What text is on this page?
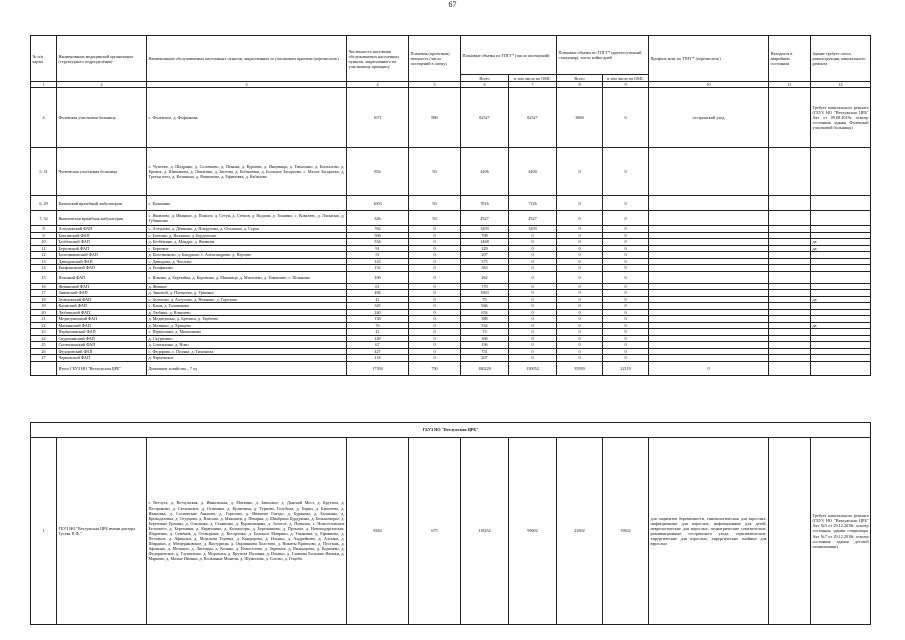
67
№ п/п карты	Наименование медицинской организации (структурного подразделения)	Наименование обслуживаемых населенных пунктов, закрепленных за участковым приемом (перечислить)	Численность населения обслуживаемых населенных пунктов, закрепленного по участковому принципу	Плановая (проектная) мощность (число посещений в смену)	Плановые объемы по ТПГГ* (число посещений)		Плановые объемы по ТПГГ* (круглосуточный стационар), число койко-дней		Профиль коек по ТПГГ* (перечислить)	Находится в аварийном состоянии	Здание требует сноса, реконструкции, капитального ремонта
					Всего	в том числе по ОМС	Всего	в том числе по ОМС			
1	2	3	4	5	6	7	8	9	10	11	12
4	Фалевская участковая больница	с. Фалевское, д. Фофанкова	1671	880	82527	82527	3860	0	сестринский уход		Требует капитального ремонта (ГБУЗ НО "Ветлужская ЦРБ" Акт от 09.08.2019г. осмотр состояния здания Фалевской участковой больницы)
5, 31	Чупеевская участковая больница	с. Чупеево, д. Шадрино, д. Соловьево, д. Пеньки, д. Куриево, д. Инцивица, д. Тимохино, д. Бызгалово, д. Кривое, д. Шишакова, д. Лопатино, д. Засеева, д. Бобылёвка, д. Большое Засорьево, с. Малое Засорьево, д. Третьи пчел, д. Козинино, д. Вавилково, д. Ефимовка, д. Кабаново	854	50	4206	4200	0	0			
6, 29	Калинский врачебный амбулатории	с. Калинино	1003	50	7816	7126	0	0			
7, 32	Яковлевская врачебная амбулатория	с. Яковлево, д. Иванино, д. Пожоги, д. Сетун, д. Стенов, д. Видичи, д. Тоннино, с. Ковалевс, д. Ласкаино, д. Губинкино	326	50	4327	4327	0	0			
8	Алтуновский ФАП	с. Алтуново, д. Дёмкино, д. Покрутино, д. Оголкино, д. Сурок	762	0	3293	3293	0	0			
9	Бахтинский ФАП	с. Бахтино, д. Волжино, д. Бердогонье	506	0	708	0	0	0			
10	Безбёжский ФАП	д. Безбёжино, д. Мандре, д. Якимова	534	0	1468	0	0	0			да
11	Берговский ФАП	с. Берговое	91	0	229	0	0	0			да
12	Болотниковский ФАП	д. Болотниково, д. Бакурино, с. Александрово, д. Пертово	51	0	207	0	0	0			
13	Давыдовский ФАП	с. Давыдово, д. Чеплово	143	0	575	0	0	0			
14	Епифановский ФАП	д. Епифаново	152	0	363	0	0	0			
15	Ильиный ФАП	с. Ильино, д. Березайка, д. Коровино, д. Мякшица, д. Михалево, д. Тимашево, с. Шлыкино	106	0	262	0	0	0			
16	Жевинский ФАП	д. Жевино	61	0	170	0	0	0			
17	Зиновский ФАП	д. Зиновой, д. Плещеево, д. Урминье	484	0	1863	0	0	0			
18	Зелёновский ФАП	с. Зеленово, д. Алтухово, д. Вежново, д. Горелово	41	0	79	0	0	0			да
19	Климский ФАП	с. Клим, д. Голованово	345	0	946	0	0	0			
20	Любимский ФАП	д. Любино, д. Ялышево	240	0	654	0	0	0			
21	Медведчинский ФАП	д. Медведчино, д. Бречиха, д. Тарбеево	138	0	388	0	0	0			
22	Матвинский ФАП	д. Матвино, д. Хрящево	76	0	332	0	0	0			да
23	Первушинский ФАП	с. Первушино, д. Мокшиново	41	0	73	0	0	0			
24	Скурихинский ФАП	д. Скурихино	149	0	366	0	0	0			
25	Спотыхинский ФАП	д. Спотыхино, д. Ново	67	0	196	0	0	0			
26	Фёдоровский ФАП	с. Федорово, с. Поляна, д. Тимониха	427	0	751	0	0	0			
27	Черновский ФАП	д. Черновское	118	0	207	0	0	0			
	Итого ГБУЗ НО "Ветлужская ЦРБ"	Домашние хозяйства – 7 ед	17350	750	180229	130052	35939	22119	0		
ГБУЗ НО "Ветлужская ЦРБ"
1	ГБУЗ НО "Ветлужская ЦРБ имени доктора Гусева П.Ф."	г. Ветлуга, д. Ветлужская, д. Ивановская, д. Матвино, д. Заволжье, д. Донской Мост, д. Крутиха, д. Пестриково, д. Стехинское, д. Осиповка, д. Кузнечиха, д. Турково, Голубиха, д. Борки, д. Бакшеево, д. Ивановка, д. Сосновские Аньково, д. Горелово, д. Ивашево Гнездо, д. Буракова, д. Балакино, д. Криводатовка, д. Огурцово, д. Власово, д. Мякишев, д. Пекарня, д. Швабрино Бурдукино, д. Большеворье, д. Березовые Ерлины, д. Ольгинка, д. Стяжкино, д. Кураповщина, д. Золотое, д. Повкино, с. Новоселовские Белохвост, д. Березники, д. Кирюшино, д. Колмогоры, д. Березникова, д. Прокопа, д. Новокодаргенская, Шарпенко, д. Семёнов, д. Осокорные, д. Костромка, д. Большое Маврино, д. Тинковка, д. Ефимково, д. Песчаное, д. Афиноки, д. Морозова Гоуевка, д. Кондырево, д. Ильино, д. Андрейково, д. Алтыки, д. Ширдино, д. Мещеряковское, д. Вахтурицы, д. Окраинкова Холстово, д. Никиты Кривцово, д. Пустынь, д. Афонино, д. Мелкино, д. Липовцы, д. Козино, д. Новоселово, д. Заречное, д. Вильнерево, д. Коренево, д. Федорцевское, д. Глушихино, д. Морозиха, д. Крутиха Половня, д. Ильино, д. Глазкова Большие Ивонки, д. Марково, д. Малые Ивонки, д. Вольшные Минечи, д. Шумилова, д. Сотово, д. Гещебо.	8384	675	118252	99602	22692	19632	для пациентов беременности, гинекологическая для взрослых, инфекционные для взрослых, инфекционные для детей, неврологические для взрослых, педиатрические соматические, реанимационные, сестринского ухода, терапевтические, хирургические для взрослых, хирургические гнойные для взрослых		Требует капитального ремонта (ГБУЗ НО "Ветлужская ЦРБ" Акт №5 от 29.12.2018г. осмотр состояния здания стационара, Акт №7 от 29.12.2018г. осмотр состояния здания детской поликлиники)
